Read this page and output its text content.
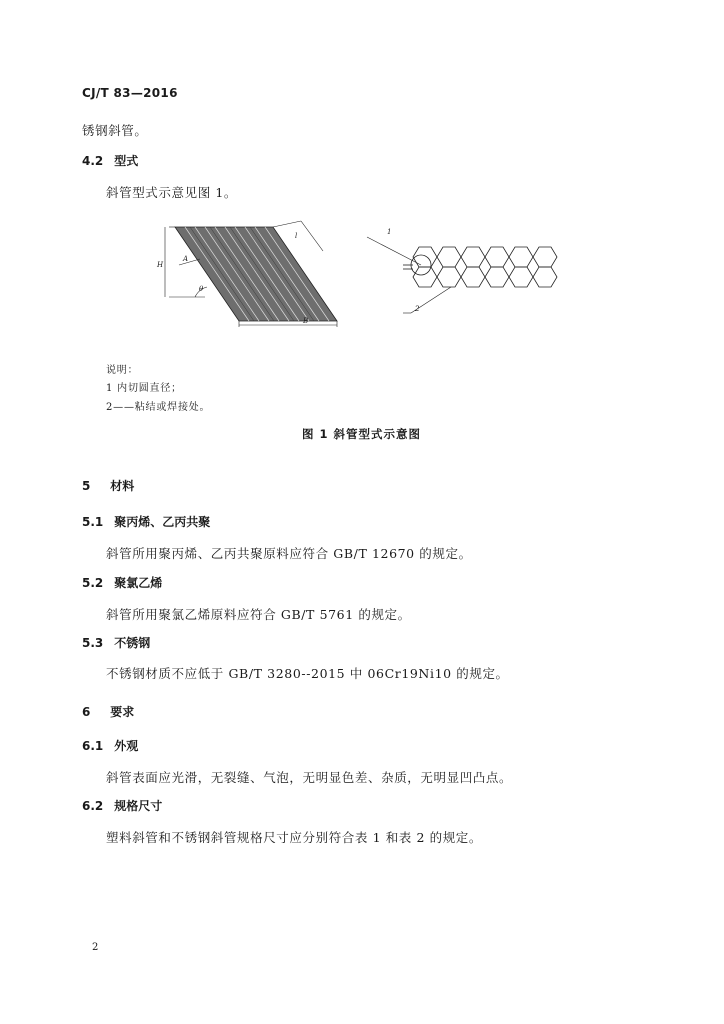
CJ/T 83—2016
锈钢斜管。
4.2 型式
斜管型式示意见图 1。
H
l
A
θ
B
1
2
说明：
1 内切圆直径；
2——粘结或焊接处。
图 1 斜管型式示意图
5 材料
5.1 聚丙烯、乙丙共聚
斜管所用聚丙烯、乙丙共聚原料应符合 GB/T 12670 的规定。
5.2 聚氯乙烯
斜管所用聚氯乙烯原料应符合 GB/T 5761 的规定。
5.3 不锈钢
不锈钢材质不应低于 GB/T 3280--2015 中 06Cr19Ni10 的规定。
6 要求
6.1 外观
斜管表面应光滑，无裂缝、气泡，无明显色差、杂质，无明显凹凸点。
6.2 规格尺寸
塑料斜管和不锈钢斜管规格尺寸应分别符合表 1 和表 2 的规定。
2
